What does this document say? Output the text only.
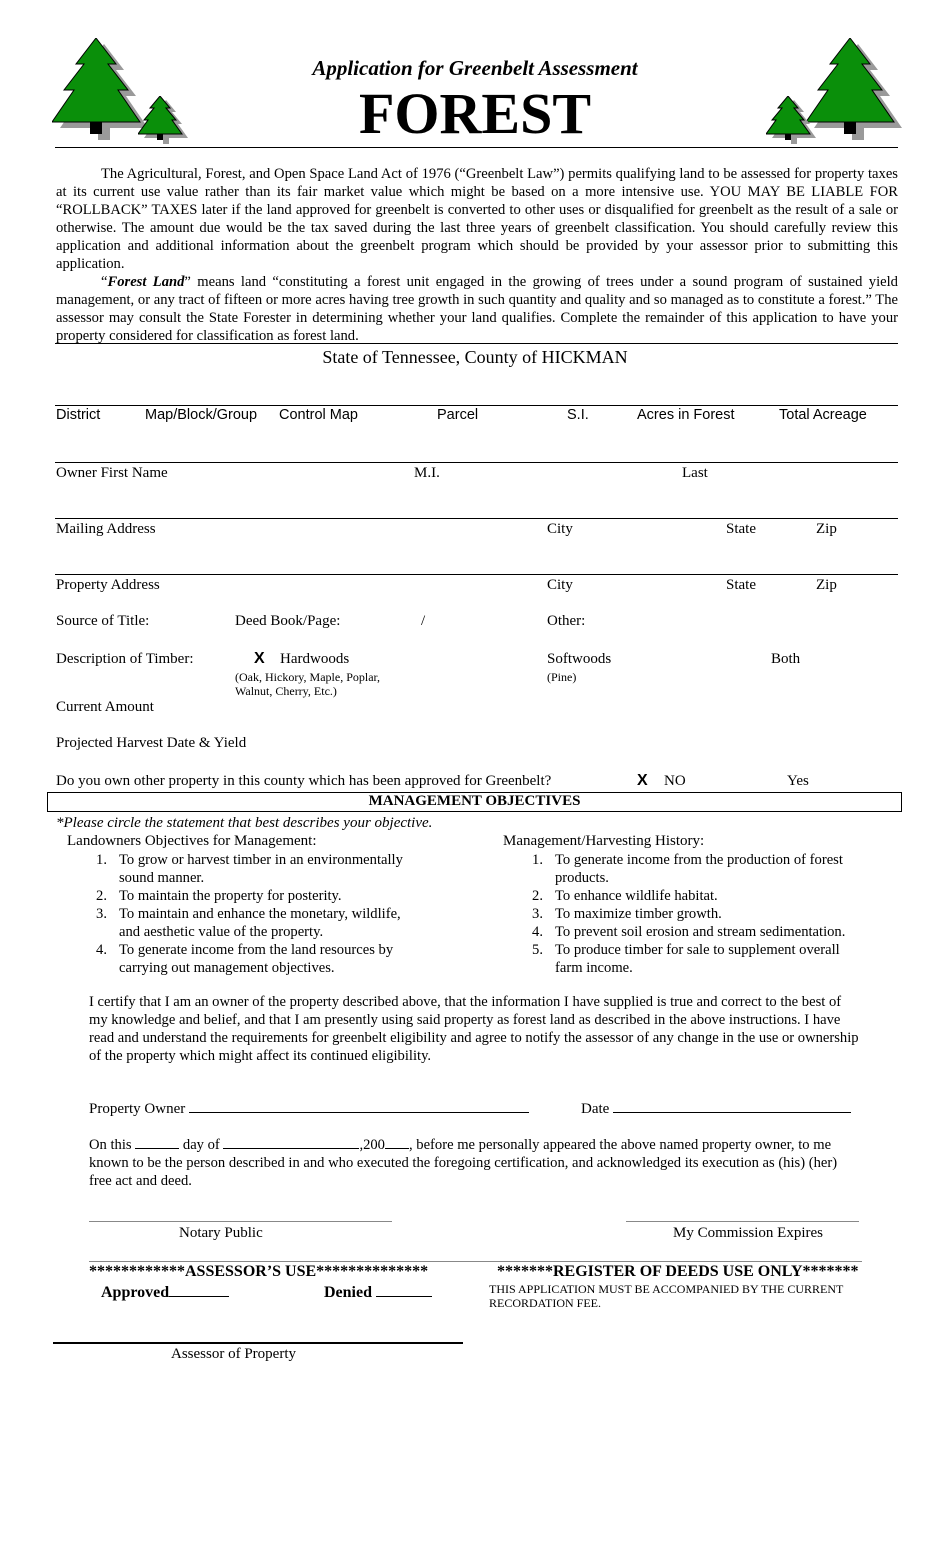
Application for Greenbelt Assessment
FOREST
The Agricultural, Forest, and Open Space Land Act of 1976 (“Greenbelt Law”) permits qualifying land to be assessed for property taxes at its current use value rather than its fair market value which might be based on a more intensive use. YOU MAY BE LIABLE FOR “ROLLBACK” TAXES later if the land approved for greenbelt is converted to other uses or disqualified for greenbelt as the result of a sale or otherwise. The amount due would be the tax saved during the last three years of greenbelt classification. You should carefully review this application and additional information about the greenbelt program which should be provided by your assessor prior to submitting this application.
“Forest Land” means land “constituting a forest unit engaged in the growing of trees under a sound program of sustained yield management, or any tract of fifteen or more acres having tree growth in such quantity and quality and so managed as to constitute a forest.” The assessor may consult the State Forester in determining whether your land qualifies. Complete the remainder of this application to have your property considered for classification as forest land.
State of Tennessee, County of HICKMAN
District	Map/Block/Group Control Map	Parcel	S.I.	Acres in Forest	Total Acreage
Owner First Name	M.I.	Last
Mailing Address	City	State	Zip
Property Address	City	State	Zip
Source of Title:	Deed Book/Page:	/	Other:
Description of Timber:	X Hardwoods
(Oak, Hickory, Maple, Poplar,
Walnut, Cherry, Etc.)
Softwoods
(Pine)
Both
Current Amount
Projected Harvest Date & Yield
Do you own other property in this county which has been approved for Greenbelt?	X NO	Yes
MANAGEMENT OBJECTIVES
*Please circle the statement that best describes your objective.
Landowners Objectives for Management:
1. To grow or harvest timber in an environmentally
sound manner.
2. To maintain the property for posterity.
3. To maintain and enhance the monetary, wildlife,
and aesthetic value of the property.
4. To generate income from the land resources by
carrying out management objectives.
Management/Harvesting History:
1. To generate income from the production of forest
products.
2. To enhance wildlife habitat.
3. To maximize timber growth.
4. To prevent soil erosion and stream sedimentation.
5. To produce timber for sale to supplement overall
farm income.
I certify that I am an owner of the property described above, that the information I have supplied is true and correct to the best of my knowledge and belief, and that I am presently using said property as forest land as described in the above instructions. I have read and understand the requirements for greenbelt eligibility and agree to notify the assessor of any change in the use or ownership of the property which might affect its continued eligibility.
Property Owner	Date
On this	day of	,200 , before me personally appeared the above named property owner, to me known to be the person described in and who executed the foregoing certification, and acknowledged its execution as (his) (her) free act and deed.
Notary Public	My Commission Expires
************ASSESSOR’S USE**************
Approved	Denied
Assessor of Property
*******REGISTER OF DEEDS USE ONLY*******
THIS APPLICATION MUST BE ACCOMPANIED BY THE CURRENT
RECORDATION FEE.
